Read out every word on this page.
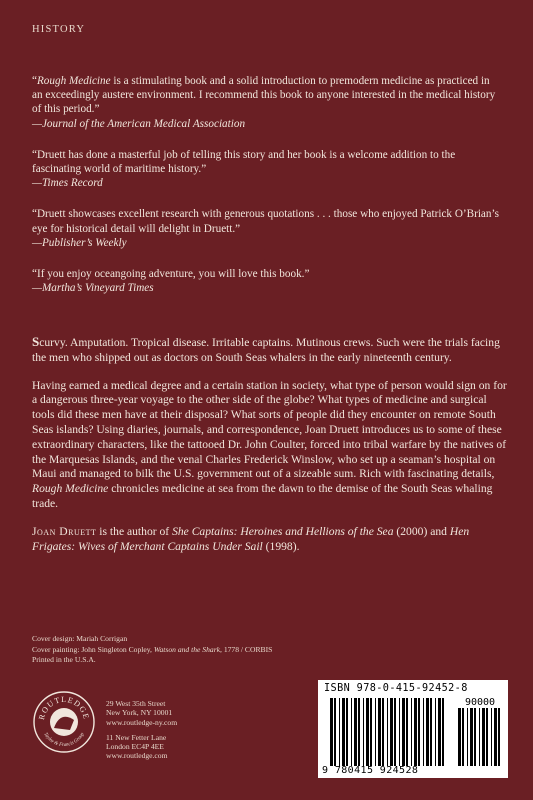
HISTORY
“Rough Medicine is a stimulating book and a solid introduction to premodern medicine as practiced in an exceedingly austere environment. I recommend this book to anyone interested in the medical history of this period.”
—Journal of the American Medical Association
“Druett has done a masterful job of telling this story and her book is a welcome addition to the fascinating world of maritime history.”
—Times Record
“Druett showcases excellent research with generous quotations . . . those who enjoyed Patrick O’Brian’s eye for historical detail will delight in Druett.”
—Publisher’s Weekly
“If you enjoy oceangoing adventure, you will love this book.”
—Martha’s Vineyard Times

Scurvy. Amputation. Tropical disease. Irritable captains. Mutinous crews. Such were the trials facing the men who shipped out as doctors on South Seas whalers in the early nineteenth century.

Having earned a medical degree and a certain station in society, what type of person would sign on for a dangerous three-year voyage to the other side of the globe? What types of medicine and surgical tools did these men have at their disposal? What sorts of people did they encounter on remote South Seas islands? Using diaries, journals, and correspondence, Joan Druett introduces us to some of these extraordinary characters, like the tattooed Dr. John Coulter, forced into tribal warfare by the natives of the Marquesas Islands, and the venal Charles Frederick Winslow, who set up a seaman’s hospital on Maui and managed to bilk the U.S. government out of a sizeable sum. Rich with fascinating details, Rough Medicine chronicles medicine at sea from the dawn to the demise of the South Seas whaling trade.

Joan Druett is the author of She Captains: Heroines and Hellions of the Sea (2000) and Hen Frigates: Wives of Merchant Captains Under Sail (1998).

Cover design: Mariah Corrigan
Cover painting: John Singleton Copley, Watson and the Shark, 1778 / CORBIS
Printed in the U.S.A.
ROUTLEDGE
Taylor & Francis Group
29 West 35th Street
New York, NY 10001
www.routledge-ny.com
11 New Fetter Lane
London EC4P 4EE
www.routledge.com
ISBN 978-0-415-92452-8
90000
9 780415 924528
